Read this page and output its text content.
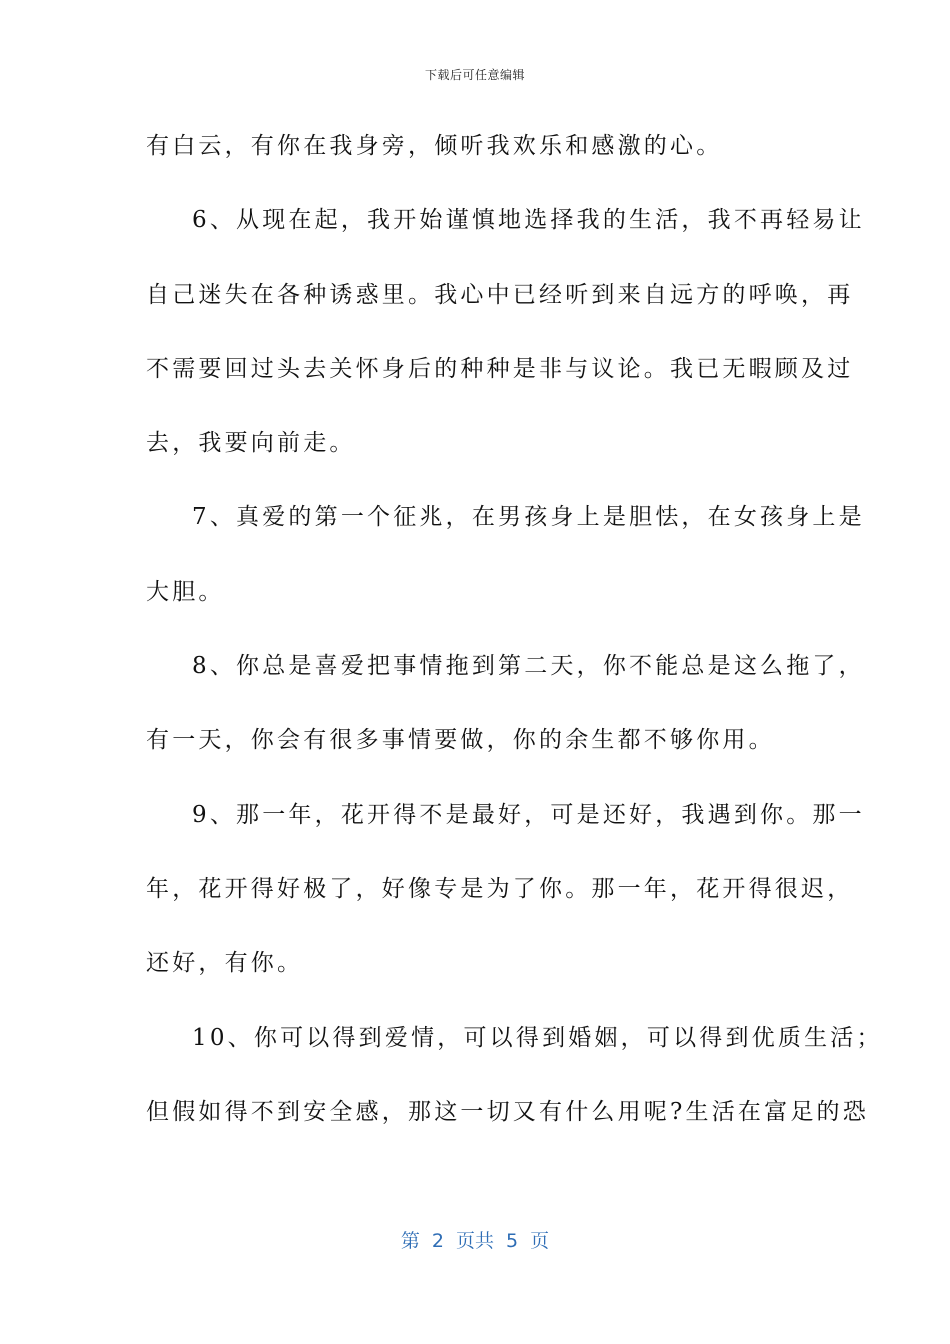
下载后可任意编辑
有白云，有你在我身旁，倾听我欢乐和感激的心。
6、从现在起，我开始谨慎地选择我的生活，我不再轻易让
自己迷失在各种诱惑里。我心中已经听到来自远方的呼唤，再
不需要回过头去关怀身后的种种是非与议论。我已无暇顾及过
去，我要向前走。
7、真爱的第一个征兆，在男孩身上是胆怯，在女孩身上是
大胆。
8、你总是喜爱把事情拖到第二天，你不能总是这么拖了，
有一天，你会有很多事情要做，你的余生都不够你用。
9、那一年，花开得不是最好，可是还好，我遇到你。那一
年，花开得好极了，好像专是为了你。那一年，花开得很迟，
还好，有你。
10、你可以得到爱情，可以得到婚姻，可以得到优质生活；
但假如得不到安全感，那这一切又有什么用呢?生活在富足的恐
第 2 页共 5 页
